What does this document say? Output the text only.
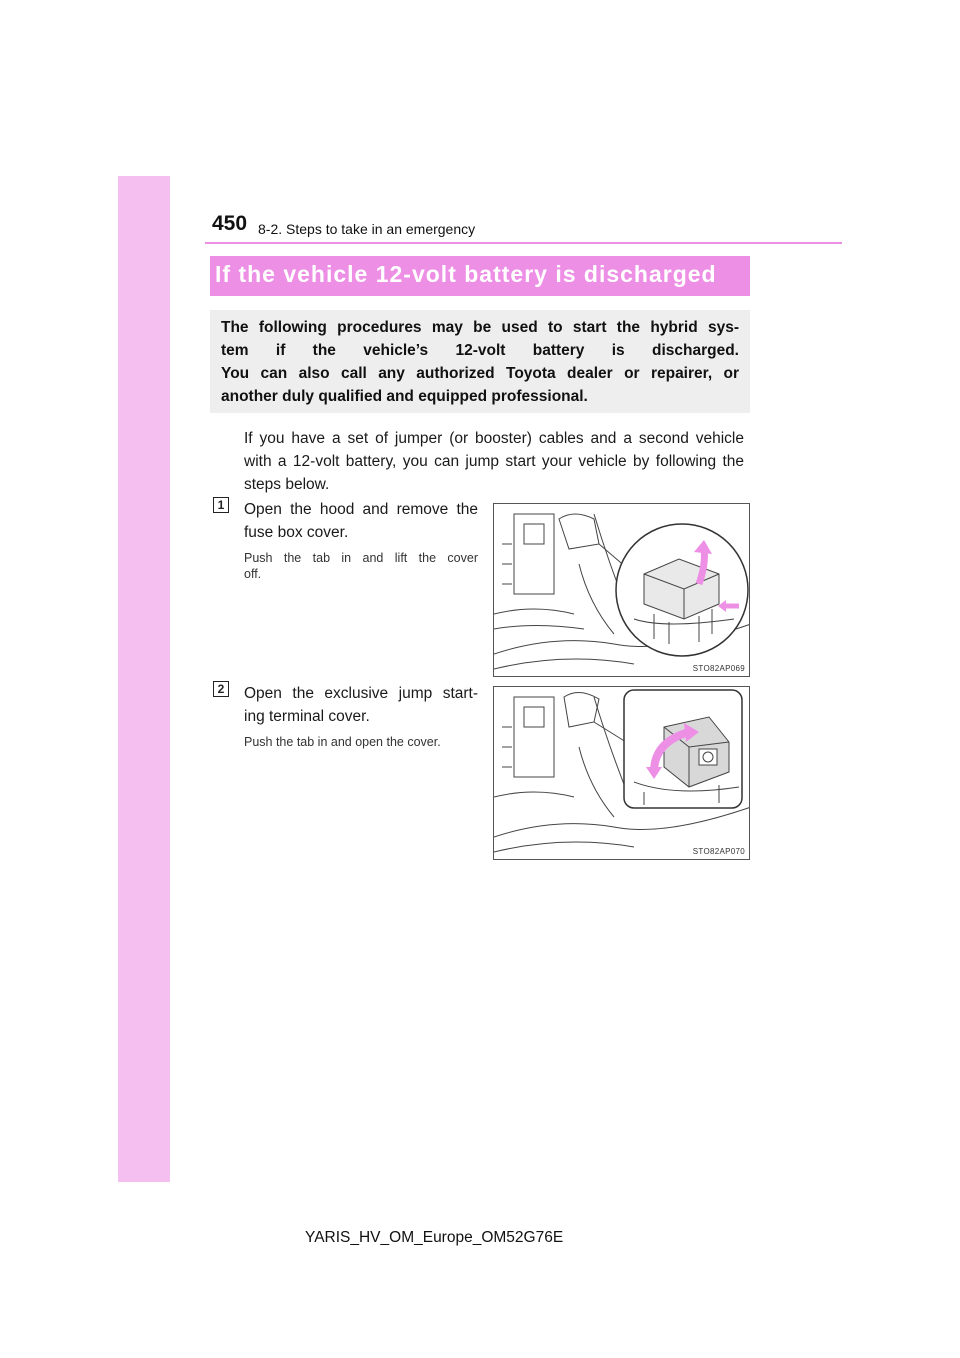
450 8-2. Steps to take in an emergency
If the vehicle 12-volt battery is discharged
The following procedures may be used to start the hybrid sys-
tem if the vehicle’s 12-volt battery is discharged.
You can also call any authorized Toyota dealer or repairer, or
another duly qualified and equipped professional.
If you have a set of jumper (or booster) cables and a second vehicle
with a 12-volt battery, you can jump start your vehicle by following the
steps below.
1	Open the hood and remove the
fuse box cover.
Push the tab in and lift the cover
off.
STO82AP069
2	Open the exclusive jump start-
ing terminal cover.
Push the tab in and open the cover.
STO82AP070
YARIS_HV_OM_Europe_OM52G76E
